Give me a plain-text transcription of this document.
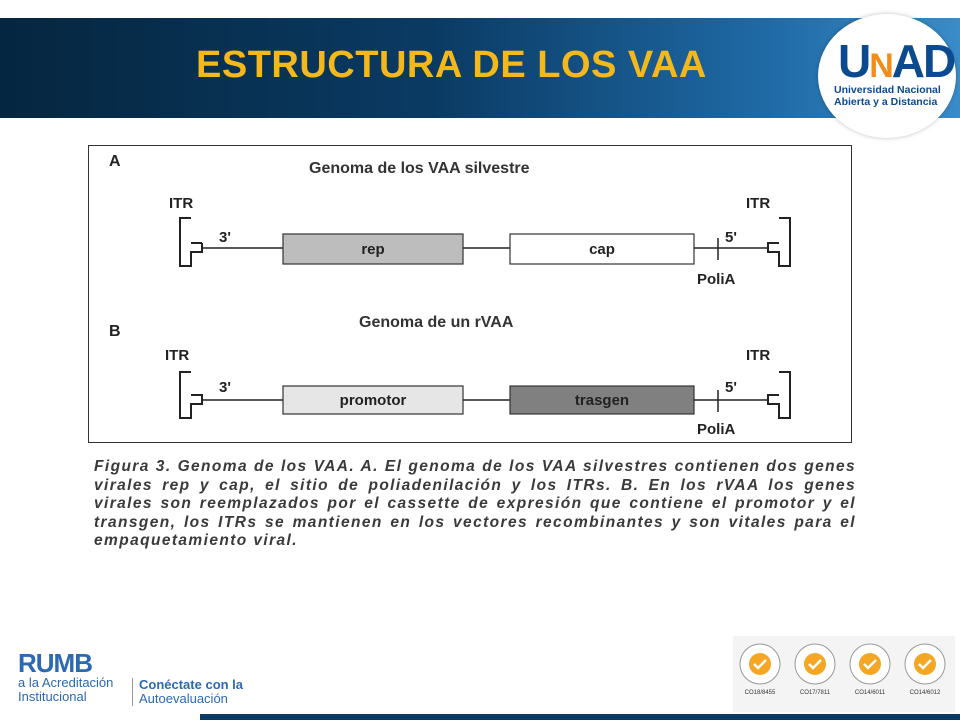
ESTRUCTURA DE LOS VAA	UNAD
Universidad Nacional
Abierta y a Distancia
A	Genoma de los VAA silvestre
ITR	ITR
3'	5'
rep	cap
PoliA
B
Genoma de un rVAA
ITR	ITR
3'	5'
promotor	trasgen
PoliA
Figura 3. Genoma de los VAA. A. El genoma de los VAA silvestres contienen dos genes virales rep y cap, el sitio de poliadenilación y los ITRs. B. En los rVAA los genes virales son reemplazados por el cassette de expresión que contiene el promotor y el transgen, los ITRs se mantienen en los vectores recombinantes y son vitales para el empaquetamiento viral.
RUMB
a la Acreditación
Institucional
Conéctate con la
Autoevaluación	CO18/8455	CO17/7811	CO14/6011	CO14/6012
